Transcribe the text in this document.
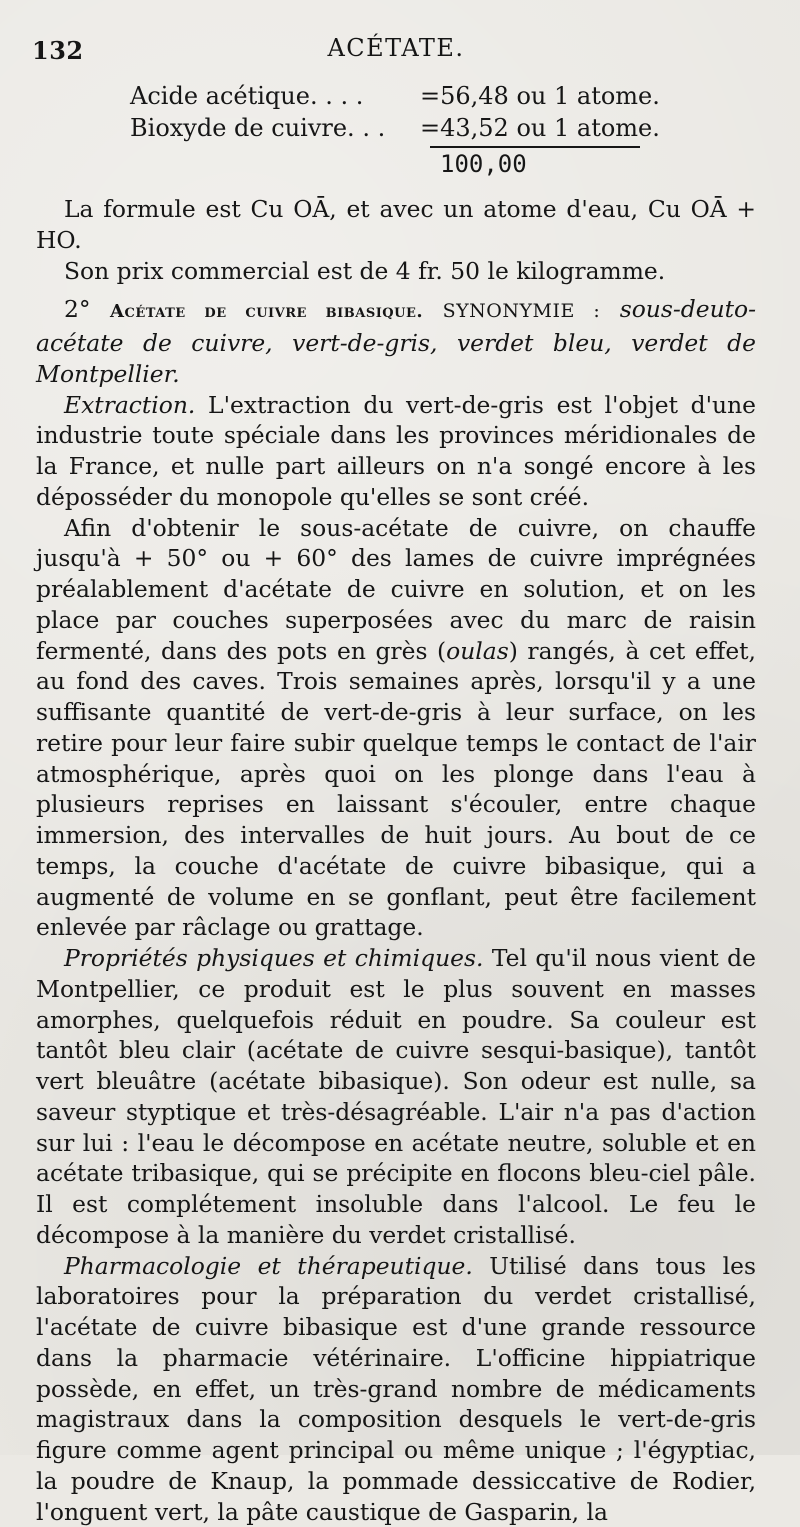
132	ACÉTATE.
Acide acétique. . . .	=56,48 ou 1 atome.
Bioxyde de cuivre. . .	=43,52 ou 1 atome.
100,00

La formule est Cu OĀ, et avec un atome d'eau, Cu OĀ + HO.

Son prix commercial est de 4 fr. 50 le kilogramme.

2° Acétate de cuivre bibasique. SYNONYMIE : sous-deuto-acétate de cuivre, vert-de-gris, verdet bleu, verdet de Montpellier.

Extraction. L'extraction du vert-de-gris est l'objet d'une industrie toute spéciale dans les provinces méridionales de la France, et nulle part ailleurs on n'a songé encore à les déposséder du monopole qu'elles se sont créé.

Afin d'obtenir le sous-acétate de cuivre, on chauffe jusqu'à + 50° ou + 60° des lames de cuivre imprégnées préalablement d'acétate de cuivre en solution, et on les place par couches superposées avec du marc de raisin fermenté, dans des pots en grès (oulas) rangés, à cet effet, au fond des caves. Trois semaines après, lorsqu'il y a une suffisante quantité de vert-de-gris à leur surface, on les retire pour leur faire subir quelque temps le contact de l'air atmosphérique, après quoi on les plonge dans l'eau à plusieurs reprises en laissant s'écouler, entre chaque immersion, des intervalles de huit jours. Au bout de ce temps, la couche d'acétate de cuivre bibasique, qui a augmenté de volume en se gonflant, peut être facilement enlevée par râclage ou grattage.

Propriétés physiques et chimiques. Tel qu'il nous vient de Montpellier, ce produit est le plus souvent en masses amorphes, quelquefois réduit en poudre. Sa couleur est tantôt bleu clair (acétate de cuivre sesqui-basique), tantôt vert bleuâtre (acétate bibasique). Son odeur est nulle, sa saveur styptique et très-désagréable. L'air n'a pas d'action sur lui : l'eau le décompose en acétate neutre, soluble et en acétate tribasique, qui se précipite en flocons bleu-ciel pâle. Il est complétement insoluble dans l'alcool. Le feu le décompose à la manière du verdet cristallisé.

Pharmacologie et thérapeutique. Utilisé dans tous les laboratoires pour la préparation du verdet cristallisé, l'acétate de cuivre bibasique est d'une grande ressource dans la pharmacie vétérinaire. L'officine hippiatrique possède, en effet, un très-grand nombre de médicaments magistraux dans la composition desquels le vert-de-gris figure comme agent principal ou même unique ; l'égyptiac, la poudre de Knaup, la pommade dessiccative de Rodier, l'onguent vert, la pâte caustique de Gasparin, la
